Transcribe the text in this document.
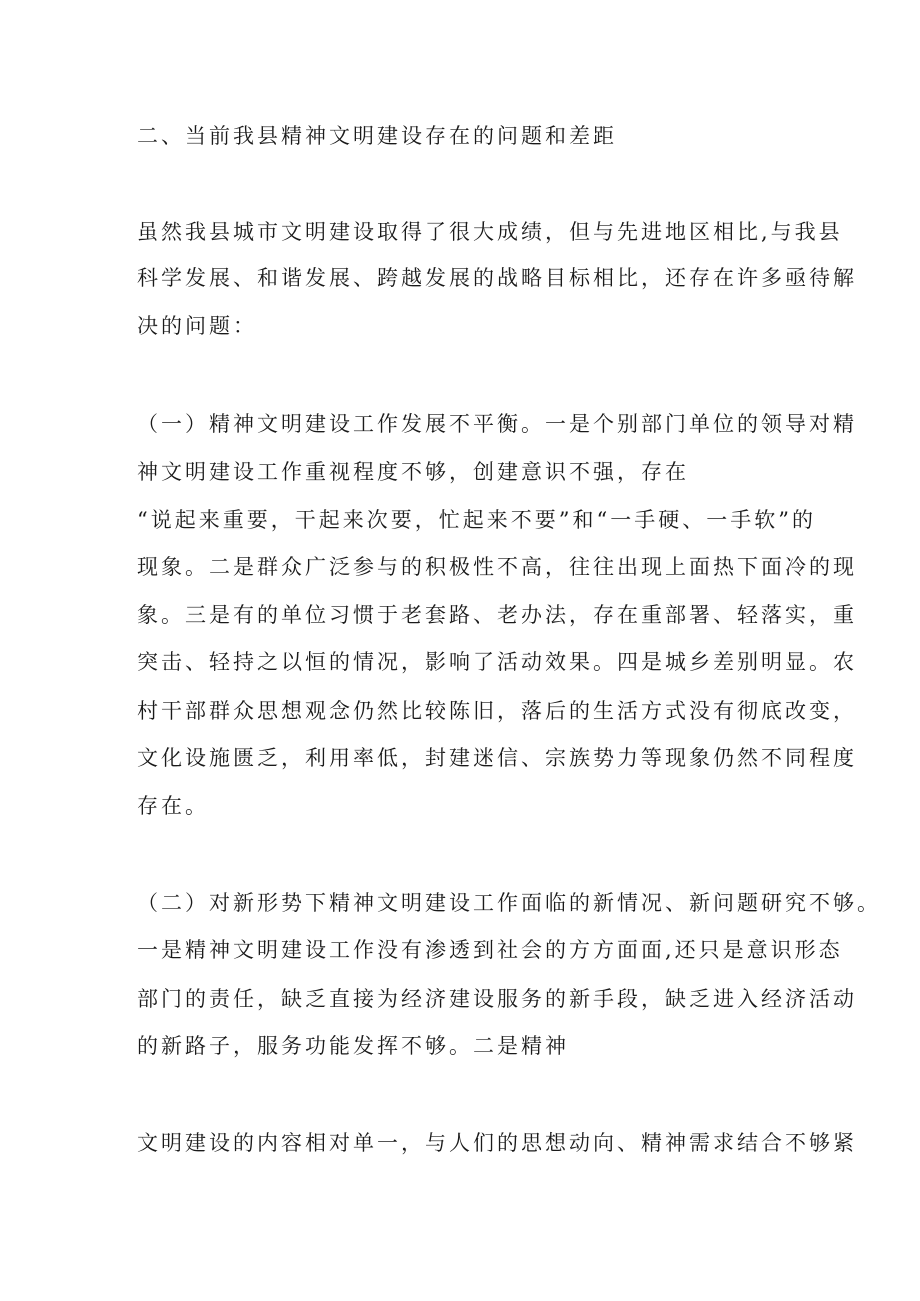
二、当前我县精神文明建设存在的问题和差距
虽然我县城市文明建设取得了很大成绩，但与先进地区相比,与我县
科学发展、和谐发展、跨越发展的战略目标相比，还存在许多亟待解
决的问题：
（一）精神文明建设工作发展不平衡。一是个别部门单位的领导对精
神文明建设工作重视程度不够，创建意识不强，存在
“说起来重要，干起来次要，忙起来不要”和“一手硬、一手软”的
现象。二是群众广泛参与的积极性不高，往往出现上面热下面冷的现
象。三是有的单位习惯于老套路、老办法，存在重部署、轻落实，重
突击、轻持之以恒的情况，影响了活动效果。四是城乡差别明显。农
村干部群众思想观念仍然比较陈旧，落后的生活方式没有彻底改变，
文化设施匮乏，利用率低，封建迷信、宗族势力等现象仍然不同程度
存在。
（二）对新形势下精神文明建设工作面临的新情况、新问题研究不够。
一是精神文明建设工作没有渗透到社会的方方面面,还只是意识形态
部门的责任，缺乏直接为经济建设服务的新手段，缺乏进入经济活动
的新路子，服务功能发挥不够。二是精神
文明建设的内容相对单一，与人们的思想动向、精神需求结合不够紧
